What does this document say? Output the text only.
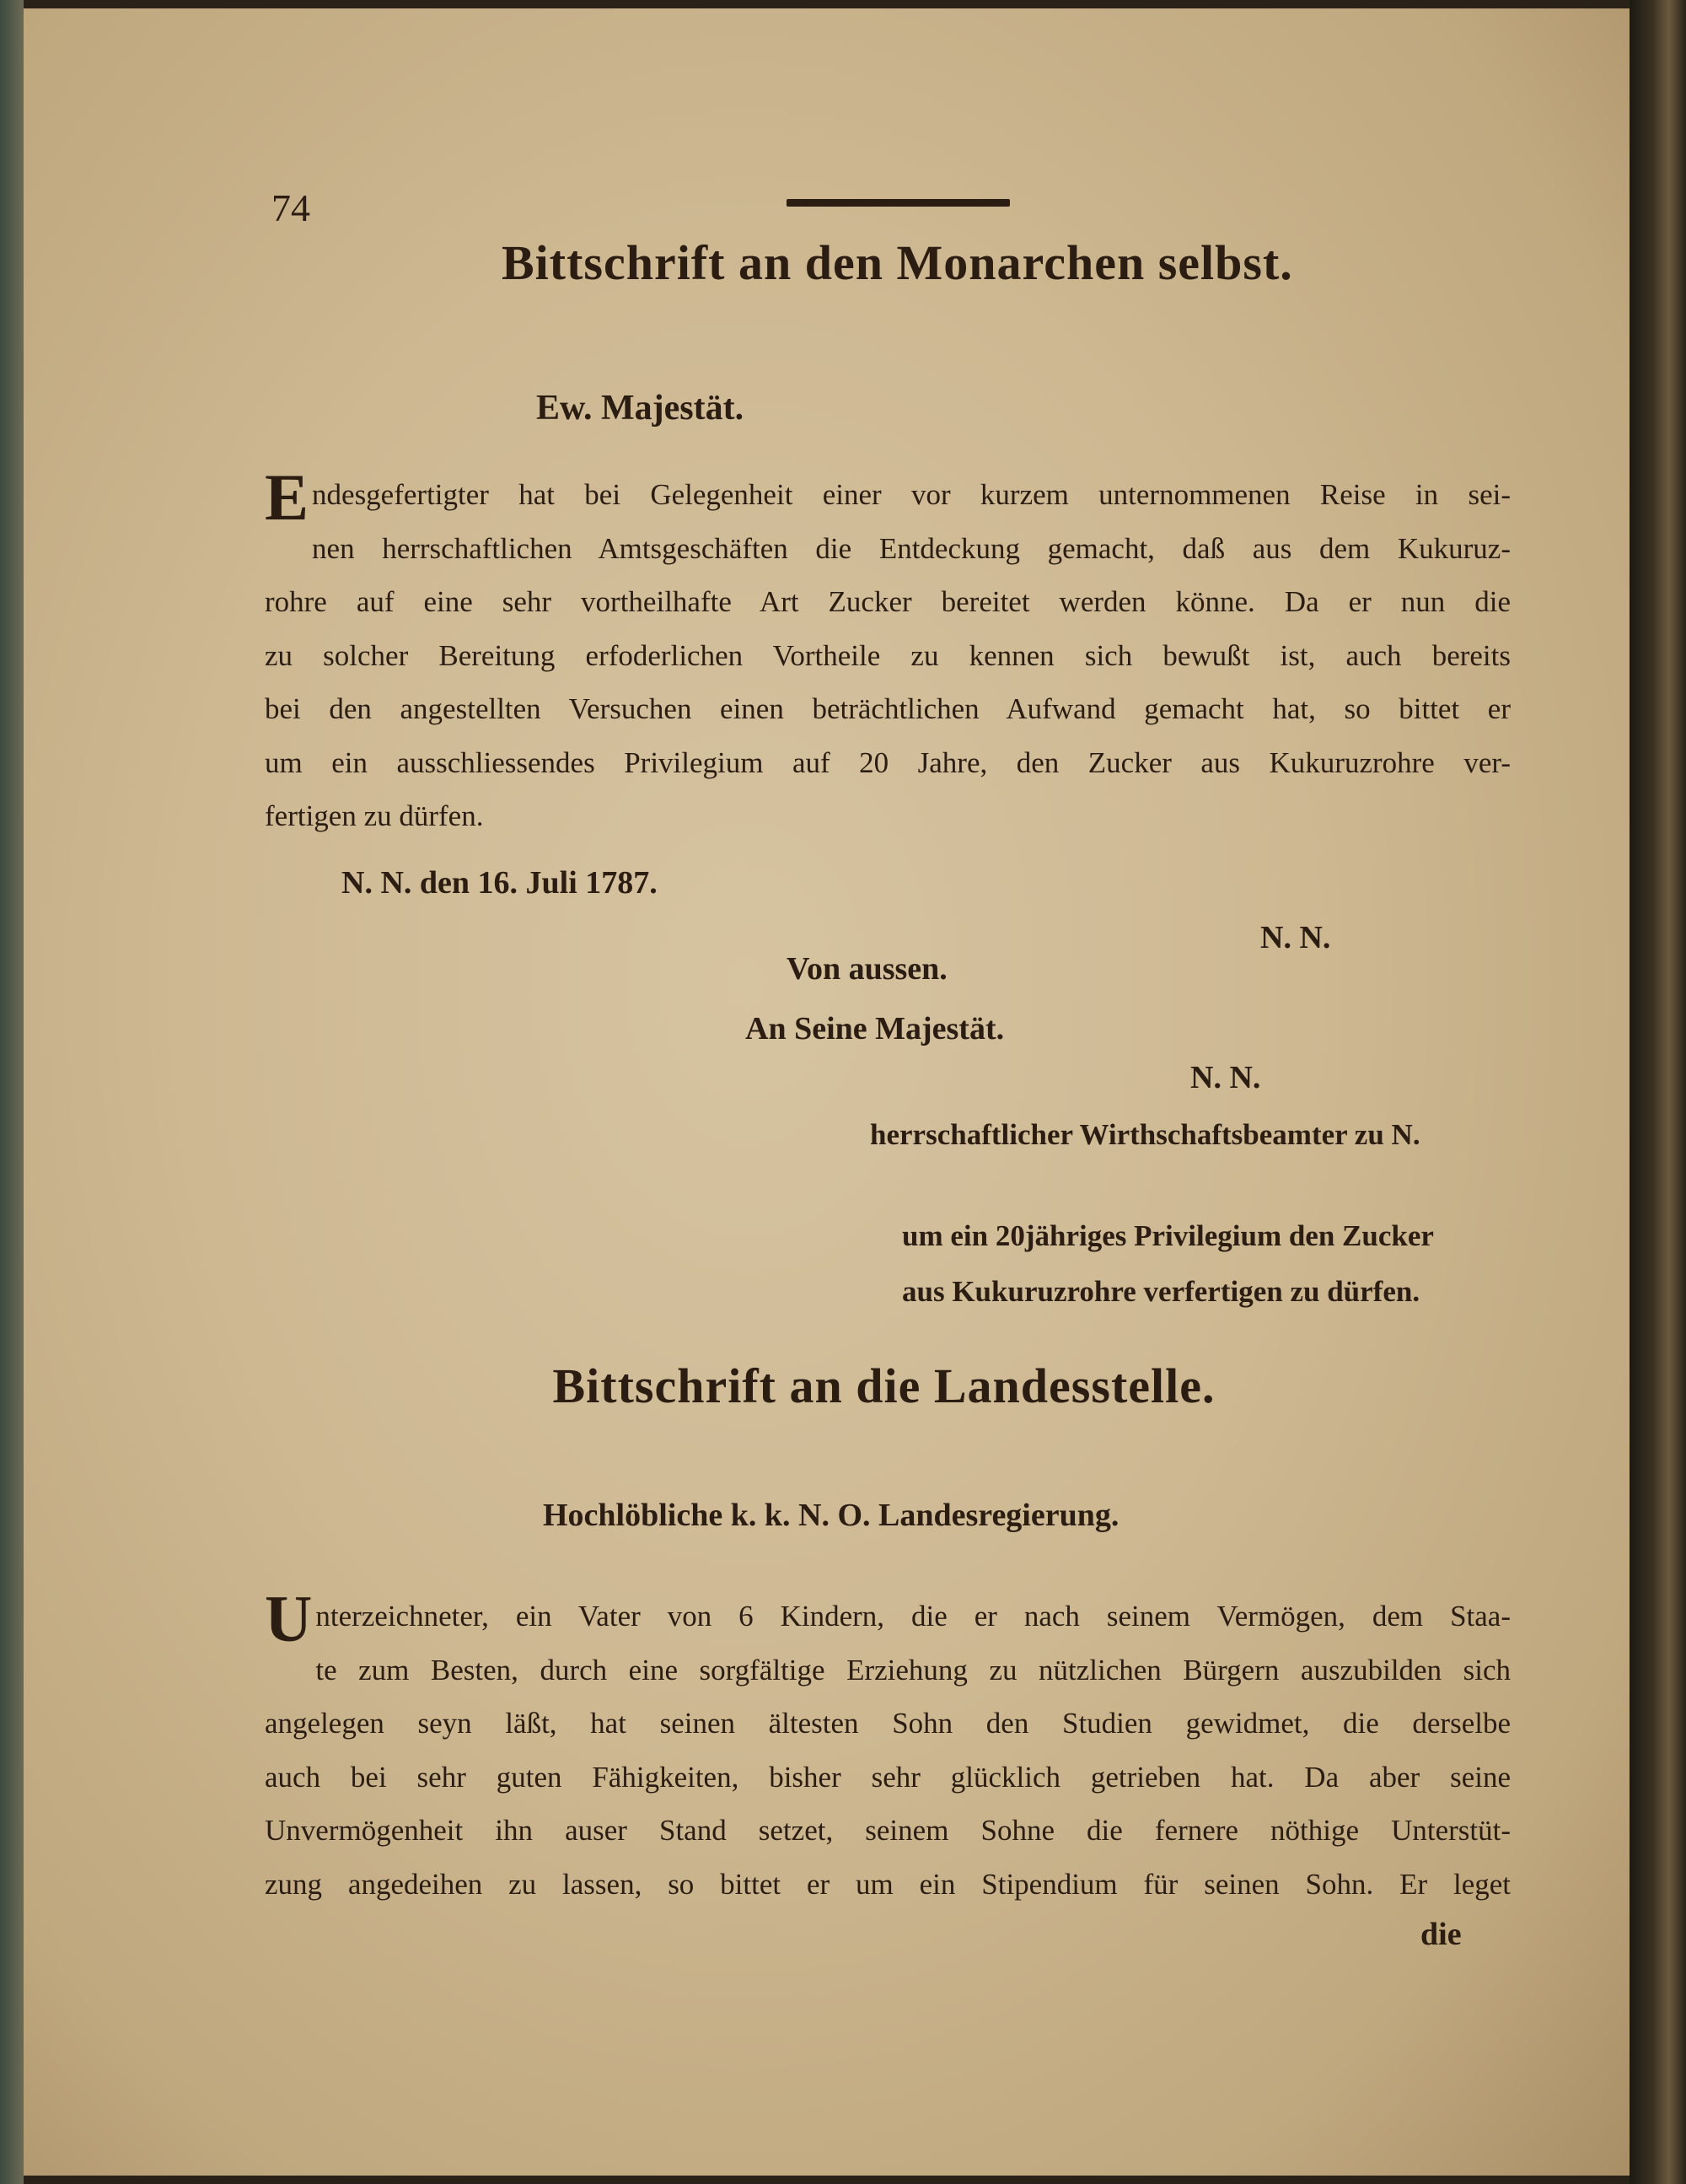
74
Bittschrift an den Monarchen selbst.
Ew. Majestät.
E ndesgefertigter hat bei Gelegenheit einer vor kurzem unternommenen Reise in sei-
nen herrschaftlichen Amtsgeschäften die Entdeckung gemacht, daß aus dem Kukuruz-
rohre auf eine sehr vortheilhafte Art Zucker bereitet werden könne. Da er nun die
zu solcher Bereitung erfoderlichen Vortheile zu kennen sich bewußt ist, auch bereits
bei den angestellten Versuchen einen beträchtlichen Aufwand gemacht hat, so bittet er
um ein ausschliessendes Privilegium auf 20 Jahre, den Zucker aus Kukuruzrohre ver-
fertigen zu dürfen.
N. N. den 16. Juli 1787.
N. N.
Von aussen.
An Seine Majestät.
N. N.
herrschaftlicher Wirthschaftsbeamter zu N.
um ein 20jähriges Privilegium den Zucker
aus Kukuruzrohre verfertigen zu dürfen.
Bittschrift an die Landesstelle.
Hochlöbliche k. k. N. O. Landesregierung.
U nterzeichneter, ein Vater von 6 Kindern, die er nach seinem Vermögen, dem Staa-
te zum Besten, durch eine sorgfältige Erziehung zu nützlichen Bürgern auszubilden sich
angelegen seyn läßt, hat seinen ältesten Sohn den Studien gewidmet, die derselbe
auch bei sehr guten Fähigkeiten, bisher sehr glücklich getrieben hat. Da aber seine
Unvermögenheit ihn auser Stand setzet, seinem Sohne die fernere nöthige Unterstüt-
zung angedeihen zu lassen, so bittet er um ein Stipendium für seinen Sohn. Er leget
die
